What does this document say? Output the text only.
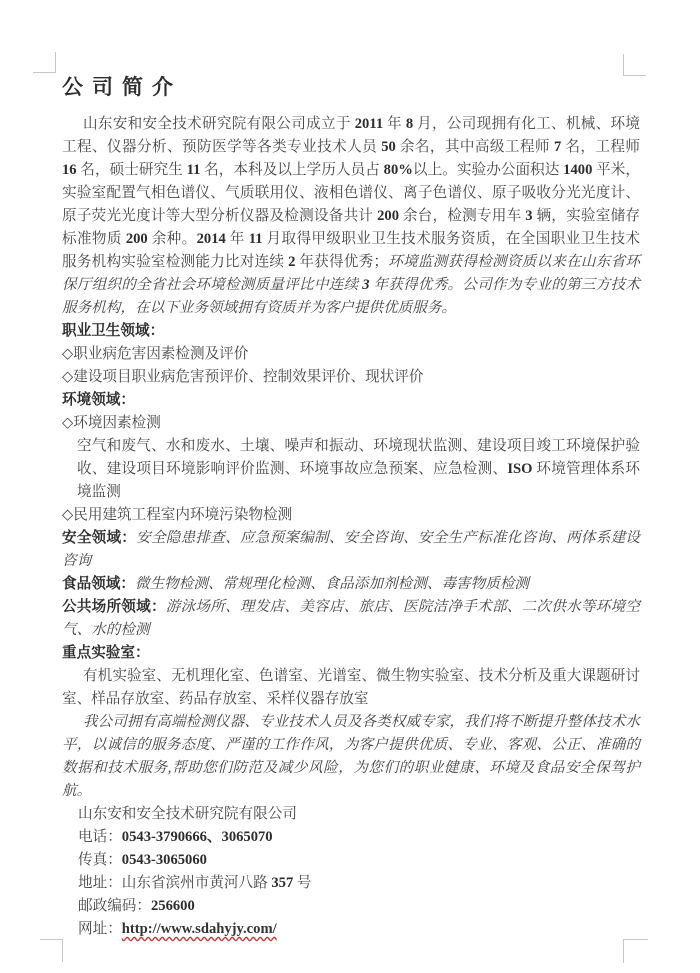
公司简介

山东安和安全技术研究院有限公司成立于 2011 年 8 月，公司现拥有化工、机械、环境工程、仪器分析、预防医学等各类专业技术人员 50 余名，其中高级工程师 7 名，工程师 16 名，硕士研究生 11 名，本科及以上学历人员占 80%以上。实验办公面积达 1400 平米，实验室配置气相色谱仪、气质联用仪、液相色谱仪、离子色谱仪、原子吸收分光光度计、原子荧光光度计等大型分析仪器及检测设备共计 200 余台，检测专用车 3 辆，实验室储存标准物质 200 余种。2014 年 11 月取得甲级职业卫生技术服务资质，在全国职业卫生技术服务机构实验室检测能力比对连续 2 年获得优秀；环境监测获得检测资质以来在山东省环保厅组织的全省社会环境检测质量评比中连续 3 年获得优秀。公司作为专业的第三方技术服务机构，在以下业务领域拥有资质并为客户提供优质服务。

职业卫生领域：

◇职业病危害因素检测及评价

◇建设项目职业病危害预评价、控制效果评价、现状评价

环境领域：

◇环境因素检测

空气和废气、水和废水、土壤、噪声和振动、环境现状监测、建设项目竣工环境保护验收、建设项目环境影响评价监测、环境事故应急预案、应急检测、ISO 环境管理体系环境监测

◇民用建筑工程室内环境污染物检测

安全领域：安全隐患排查、应急预案编制、安全咨询、安全生产标准化咨询、两体系建设咨询

食品领域：微生物检测、常规理化检测、食品添加剂检测、毒害物质检测

公共场所领域：游泳场所、理发店、美容店、旅店、医院洁净手术部、二次供水等环境空气、水的检测

重点实验室：

有机实验室、无机理化室、色谱室、光谱室、微生物实验室、技术分析及重大课题研讨室、样品存放室、药品存放室、采样仪器存放室

我公司拥有高端检测仪器、专业技术人员及各类权威专家，我们将不断提升整体技术水平，以诚信的服务态度、严谨的工作作风，为客户提供优质、专业、客观、公正、准确的数据和技术服务,帮助您们防范及减少风险，为您们的职业健康、环境及食品安全保驾护航。

山东安和安全技术研究院有限公司

电话：0543-3790666、3065070

传真：0543-3065060

地址：山东省滨州市黄河八路 357 号

邮政编码：256600

网址：http://www.sdahyjy.com/
